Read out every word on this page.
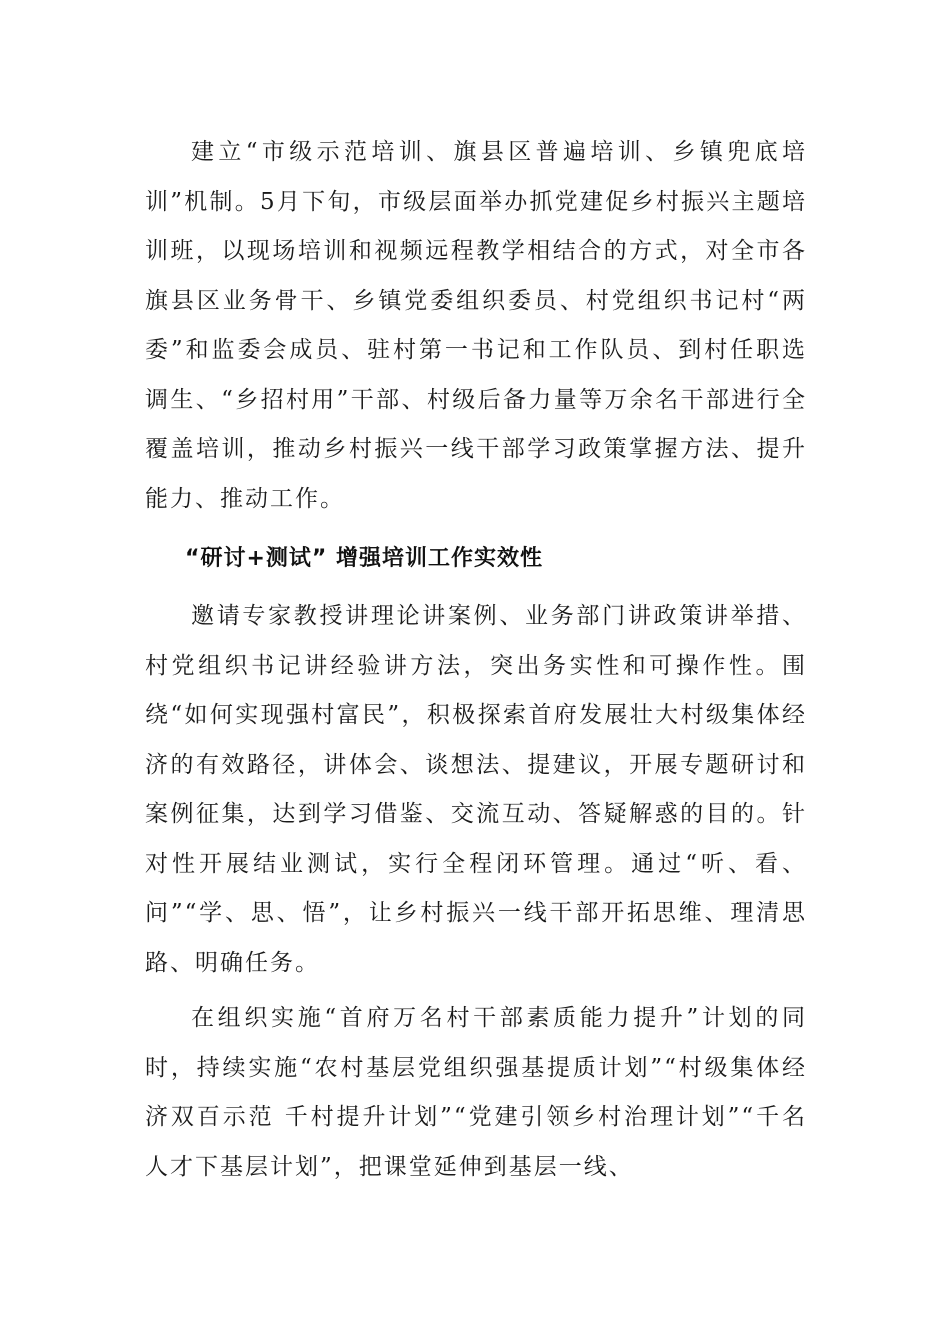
建立“市级示范培训、旗县区普遍培训、乡镇兜底培训”机制。5月下旬，市级层面举办抓党建促乡村振兴主题培训班，以现场培训和视频远程教学相结合的方式，对全市各旗县区业务骨干、乡镇党委组织委员、村党组织书记村“两委”和监委会成员、驻村第一书记和工作队员、到村任职选调生、“乡招村用”干部、村级后备力量等万余名干部进行全覆盖培训，推动乡村振兴一线干部学习政策掌握方法、提升能力、推动工作。

“研讨+测试” 增强培训工作实效性

邀请专家教授讲理论讲案例、业务部门讲政策讲举措、村党组织书记讲经验讲方法，突出务实性和可操作性。围绕“如何实现强村富民”，积极探索首府发展壮大村级集体经济的有效路径，讲体会、谈想法、提建议，开展专题研讨和案例征集，达到学习借鉴、交流互动、答疑解惑的目的。针对性开展结业测试，实行全程闭环管理。通过“听、看、问”“学、思、悟”，让乡村振兴一线干部开拓思维、理清思路、明确任务。

在组织实施“首府万名村干部素质能力提升”计划的同时，持续实施“农村基层党组织强基提质计划”“村级集体经济双百示范 千村提升计划”“党建引领乡村治理计划”“千名人才下基层计划”，把课堂延伸到基层一线、
